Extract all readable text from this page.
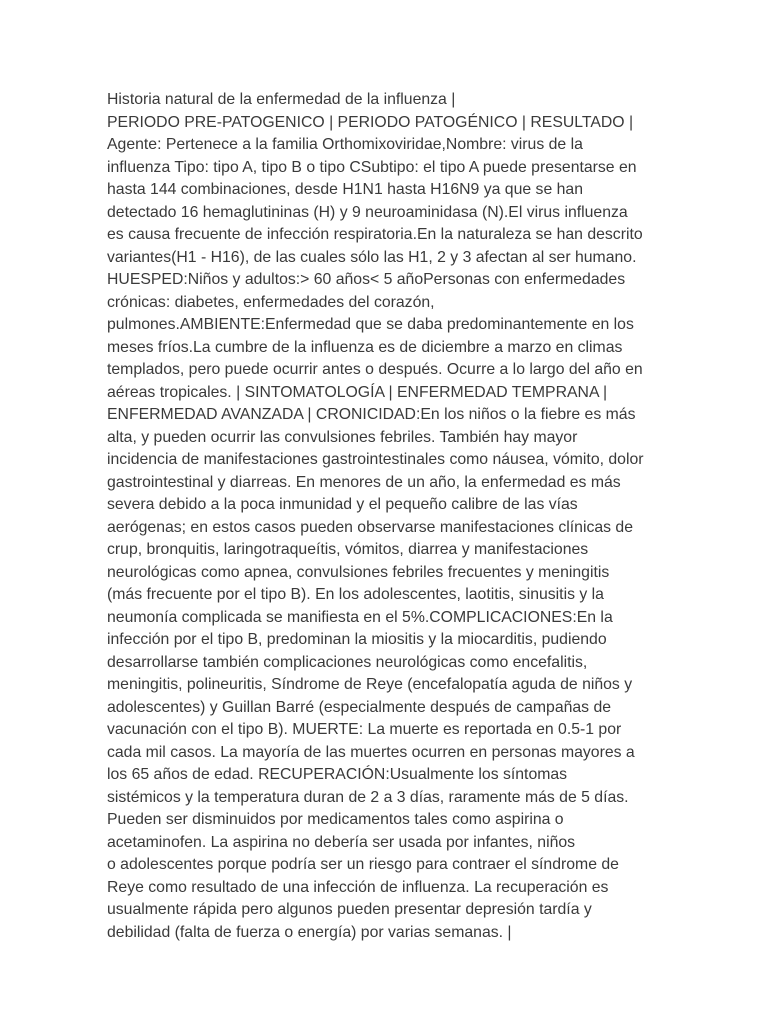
Historia natural de la enfermedad de la influenza |
PERIODO PRE-PATOGENICO | PERIODO PATOGÉNICO | RESULTADO |
Agente: Pertenece a la familia Orthomixoviridae,Nombre: virus de la
influenza Tipo: tipo A, tipo B o tipo CSubtipo: el tipo A puede presentarse en
hasta 144 combinaciones, desde H1N1 hasta H16N9 ya que se han
detectado 16 hemaglutininas (H) y 9 neuroaminidasa (N).El virus influenza
es causa frecuente de infección respiratoria.En la naturaleza se han descrito
variantes(H1 - H16), de las cuales sólo las H1, 2 y 3 afectan al ser humano.
HUESPED:Niños y adultos:> 60 años< 5 añoPersonas con enfermedades
crónicas: diabetes, enfermedades del corazón,
pulmones.AMBIENTE:Enfermedad que se daba predominantemente en los
meses fríos.La cumbre de la influenza es de diciembre a marzo en climas
templados, pero puede ocurrir antes o después. Ocurre a lo largo del año en
aéreas tropicales. | SINTOMATOLOGÍA | ENFERMEDAD TEMPRANA |
ENFERMEDAD AVANZADA | CRONICIDAD:En los niños o la fiebre es más
alta, y pueden ocurrir las convulsiones febriles. También hay mayor
incidencia de manifestaciones gastrointestinales como náusea, vómito, dolor
gastrointestinal y diarreas. En menores de un año, la enfermedad es más
severa debido a la poca inmunidad y el pequeño calibre de las vías
aerógenas; en estos casos pueden observarse manifestaciones clínicas de
crup, bronquitis, laringotraqueítis, vómitos, diarrea y manifestaciones
neurológicas como apnea, convulsiones febriles frecuentes y meningitis
(más frecuente por el tipo B). En los adolescentes, laotitis, sinusitis y la
neumonía complicada se manifiesta en el 5%.COMPLICACIONES:En la
infección por el tipo B, predominan la miositis y la miocarditis, pudiendo
desarrollarse también complicaciones neurológicas como encefalitis,
meningitis, polineuritis, Síndrome de Reye (encefalopatía aguda de niños y
adolescentes) y Guillan Barré (especialmente después de campañas de
vacunación con el tipo B). MUERTE: La muerte es reportada en 0.5-1 por
cada mil casos. La mayoría de las muertes ocurren en personas mayores a
los 65 años de edad. RECUPERACIÓN:Usualmente los síntomas
sistémicos y la temperatura duran de 2 a 3 días, raramente más de 5 días.
Pueden ser disminuidos por medicamentos tales como aspirina o
acetaminofen. La aspirina no debería ser usada por infantes, niños
o adolescentes porque podría ser un riesgo para contraer el síndrome de
Reye como resultado de una infección de influenza. La recuperación es
usualmente rápida pero algunos pueden presentar depresión tardía y
debilidad (falta de fuerza o energía) por varias semanas. |
